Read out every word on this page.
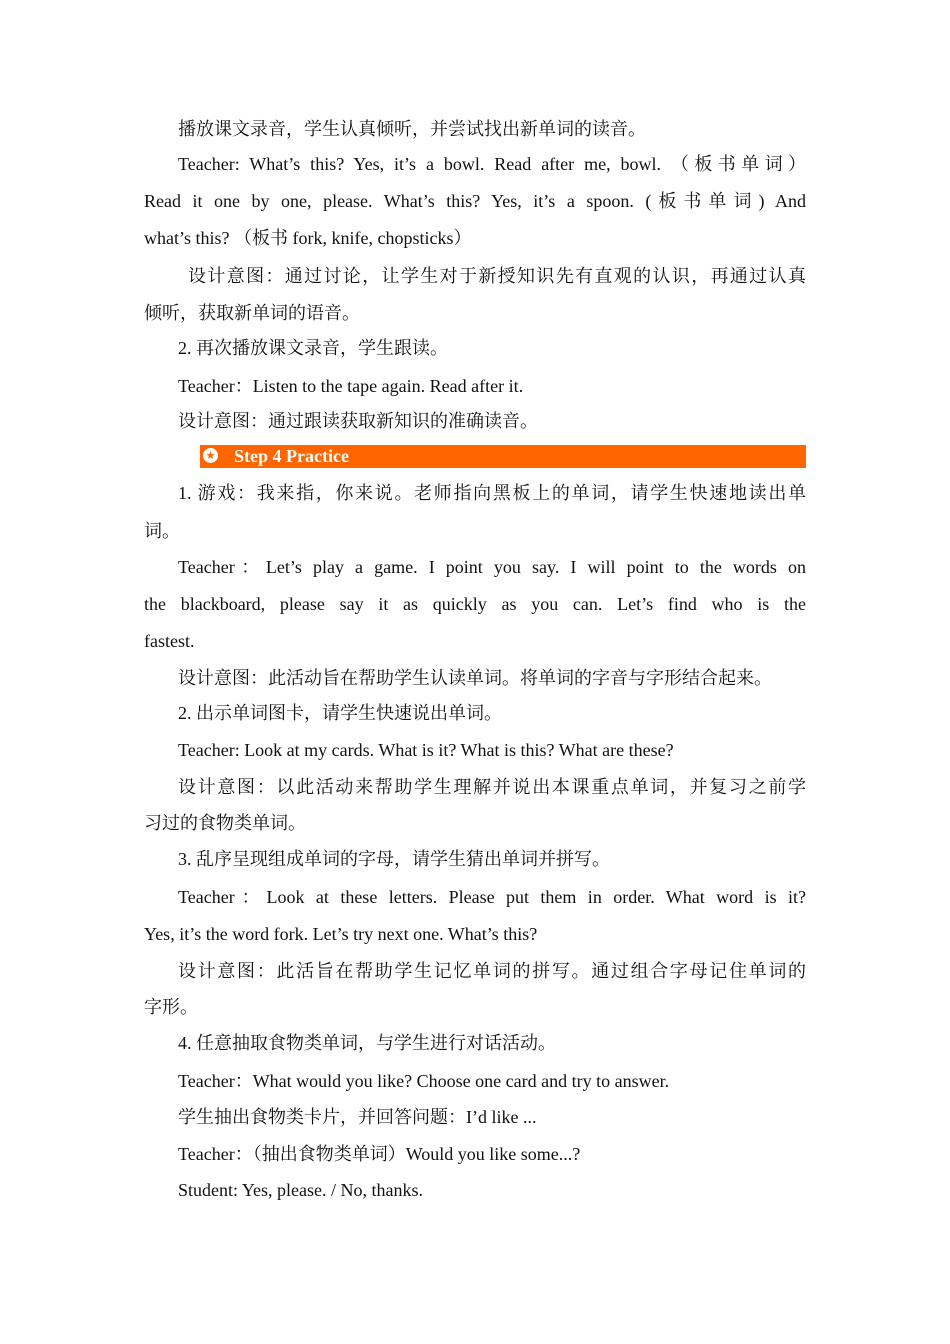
播放课文录音，学生认真倾听，并尝试找出新单词的读音。
Teacher: What’s this? Yes, it’s a bowl. Read after me, bowl. （板书单词）
Read it one by one, please. What’s this? Yes, it’s a spoon. (板书单词) And
what’s this? （板书 fork, knife, chopsticks）
设计意图：通过讨论，让学生对于新授知识先有直观的认识，再通过认真
倾听，获取新单词的语音。
2. 再次播放课文录音，学生跟读。
Teacher：Listen to the tape again. Read after it.
设计意图：通过跟读获取新知识的准确读音。
★ Step 4 Practice
1. 游戏：我来指，你来说。老师指向黑板上的单词，请学生快速地读出单
词。
Teacher：Let’s play a game. I point you say. I will point to the words on
the blackboard, please say it as quickly as you can. Let’s find who is the
fastest.
设计意图：此活动旨在帮助学生认读单词。将单词的字音与字形结合起来。
2. 出示单词图卡，请学生快速说出单词。
Teacher: Look at my cards. What is it? What is this? What are these?
设计意图：以此活动来帮助学生理解并说出本课重点单词，并复习之前学
习过的食物类单词。
3. 乱序呈现组成单词的字母，请学生猜出单词并拼写。
Teacher：Look at these letters. Please put them in order. What word is it?
Yes, it’s the word fork. Let’s try next one. What’s this?
设计意图：此活旨在帮助学生记忆单词的拼写。通过组合字母记住单词的
字形。
4. 任意抽取食物类单词，与学生进行对话活动。
Teacher：What would you like? Choose one card and try to answer.
学生抽出食物类卡片，并回答问题：I’d like ...
Teacher：（抽出食物类单词）Would you like some...?
Student: Yes, please. / No, thanks.
